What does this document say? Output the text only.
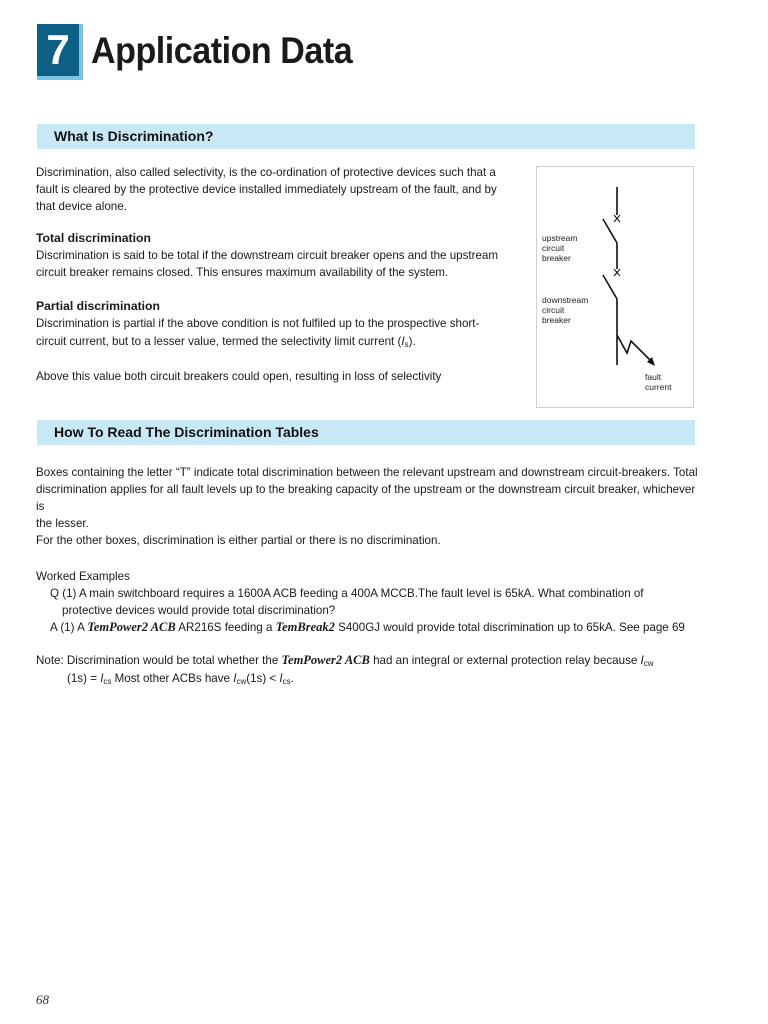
7 Application Data
What Is Discrimination?
Discrimination, also called selectivity, is the co-ordination of protective devices such that a
fault is cleared by the protective device installed immediately upstream of the fault, and by
that device alone.
Total discrimination
Discrimination is said to be total if the downstream circuit breaker opens and the upstream
circuit breaker remains closed. This ensures maximum availability of the system.
Partial discrimination
Discrimination is partial if the above condition is not fulfiled up to the prospective short-
circuit current, but to a lesser value, termed the selectivity limit current $(I_s)$.
Above this value both circuit breakers could open, resulting in loss of selectivity
upstream
circuit
breaker
downstream
circuit
breaker
fault
current
How To Read The Discrimination Tables
Boxes containing the letter “T” indicate total discrimination between the relevant upstream and downstream circuit-breakers. Total
discrimination applies for all fault levels up to the breaking capacity of the upstream or the downstream circuit breaker, whichever is
the lesser.
For the other boxes, discrimination is either partial or there is no discrimination.
Worked Examples
Q (1) A main switchboard requires a 1600A ACB feeding a 400A MCCB.The fault level is 65kA. What combination of
protective devices would provide total discrimination?
A (1) A TemPower2 ACB AR216S feeding a TemBreak2 S400GJ would provide total discrimination up to 65kA. See page 69
Note: Discrimination would be total whether the TemPower2 ACB had an integral or external protection relay because $I_{cw}$
$(1s) = I_{cs}$ Most other ACBs have $I_{cw}(1s) < I_{cs}$.
68
